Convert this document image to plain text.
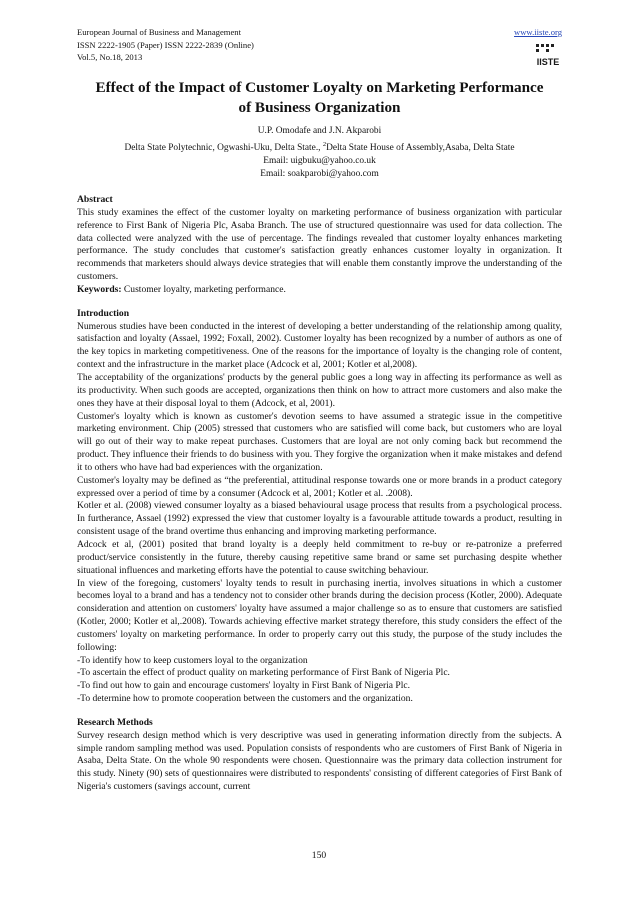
European Journal of Business and Management
ISSN 2222-1905 (Paper) ISSN 2222-2839 (Online)
Vol.5, No.18, 2013
www.iiste.org
IISTE
Effect of the Impact of Customer Loyalty on Marketing Performance of Business Organization
U.P. Omodafe and J.N. Akparobi
Delta State Polytechnic, Ogwashi-Uku, Delta State., $^2$Delta State House of Assembly,Asaba, Delta State
Email: uigbuku@yahoo.co.uk
Email: soakparobi@yahoo.com
Abstract

This study examines the effect of the customer loyalty on marketing performance of business organization with particular reference to First Bank of Nigeria Plc, Asaba Branch. The use of structured questionnaire was used for data collection. The data collected were analyzed with the use of percentage. The findings revealed that customer loyalty enhances marketing performance. The study concludes that customer's satisfaction greatly enhances customer loyalty in organization. It recommends that marketers should always device strategies that will enable them constantly improve the understanding of the customers.

Keywords: Customer loyalty, marketing performance.

Introduction

Numerous studies have been conducted in the interest of developing a better understanding of the relationship among quality, satisfaction and loyalty (Assael, 1992; Foxall, 2002). Customer loyalty has been recognized by a number of authors as one of the key topics in marketing competitiveness. One of the reasons for the importance of loyalty is the changing role of content, context and the infrastructure in the market place (Adcock et al, 2001; Kotler et al,2008).

The acceptability of the organizations' products by the general public goes a long way in affecting its performance as well as its productivity. When such goods are accepted, organizations then think on how to attract more customers and also make the ones they have at their disposal loyal to them (Adcock, et al, 2001).

Customer's loyalty which is known as customer's devotion seems to have assumed a strategic issue in the competitive marketing environment. Chip (2005) stressed that customers who are satisfied will come back, but customers who are loyal will go out of their way to make repeat purchases. Customers that are loyal are not only coming back but recommend the product. They influence their friends to do business with you. They forgive the organization when it make mistakes and defend it to others who have had bad experiences with the organization.

Customer's loyalty may be defined as “the preferential, attitudinal response towards one or more brands in a product category expressed over a period of time by a consumer (Adcock et al, 2001; Kotler et al. .2008).

Kotler et al. (2008) viewed consumer loyalty as a biased behavioural usage process that results from a psychological process. In furtherance, Assael (1992) expressed the view that customer loyalty is a favourable attitude towards a product, resulting in consistent usage of the brand overtime thus enhancing and improving marketing performance.

Adcock et al, (2001) posited that brand loyalty is a deeply held commitment to re-buy or re-patronize a preferred product/service consistently in the future, thereby causing repetitive same brand or same set purchasing despite whether situational influences and marketing efforts have the potential to cause switching behaviour.

In view of the foregoing, customers' loyalty tends to result in purchasing inertia, involves situations in which a customer becomes loyal to a brand and has a tendency not to consider other brands during the decision process (Kotler, 2000). Adequate consideration and attention on customers' loyalty have assumed a major challenge so as to ensure that customers are satisfied (Kotler, 2000; Kotler et al,.2008). Towards achieving effective market strategy therefore, this study considers the effect of the customers' loyalty on marketing performance. In order to properly carry out this study, the purpose of the study includes the following:

-To identify how to keep customers loyal to the organization

-To ascertain the effect of product quality on marketing performance of First Bank of Nigeria Plc.

-To find out how to gain and encourage customers' loyalty in First Bank of Nigeria Plc.

-To determine how to promote cooperation between the customers and the organization.

Research Methods

Survey research design method which is very descriptive was used in generating information directly from the subjects. A simple random sampling method was used. Population consists of respondents who are customers of First Bank of Nigeria in Asaba, Delta State. On the whole 90 respondents were chosen. Questionnaire was the primary data collection instrument for this study. Ninety (90) sets of questionnaires were distributed to respondents' consisting of different categories of First Bank of Nigeria's customers (savings account, current

150
